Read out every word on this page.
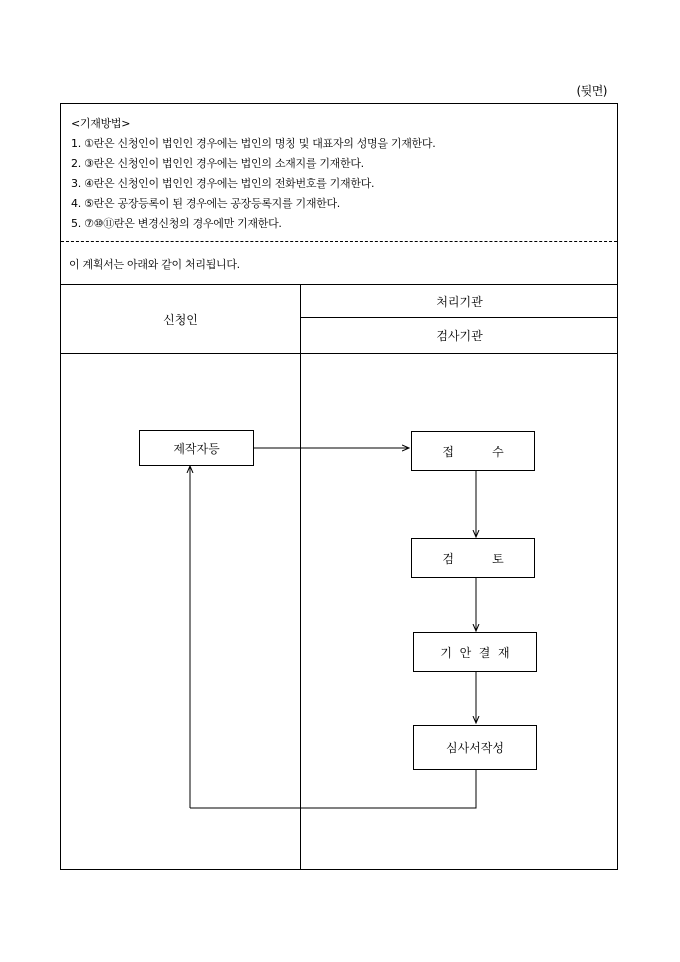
(뒷면)
<기재방법>
1. ①란은 신청인이 법인인 경우에는 법인의 명칭 및 대표자의 성명을 기재한다.
2. ③란은 신청인이 법인인 경우에는 법인의 소재지를 기재한다.
3. ④란은 신청인이 법인인 경우에는 법인의 전화번호를 기재한다.
4. ⑤란은 공장등록이 된 경우에는 공장등록지를 기재한다.
5. ⑦⑩⑪란은 변경신청의 경우에만 기재한다.
이 계획서는 아래와 같이 처리됩니다.
신청인
처리기관
검사기관
제작자등	접          수
검          토
기  안  결  재
심사서작성
